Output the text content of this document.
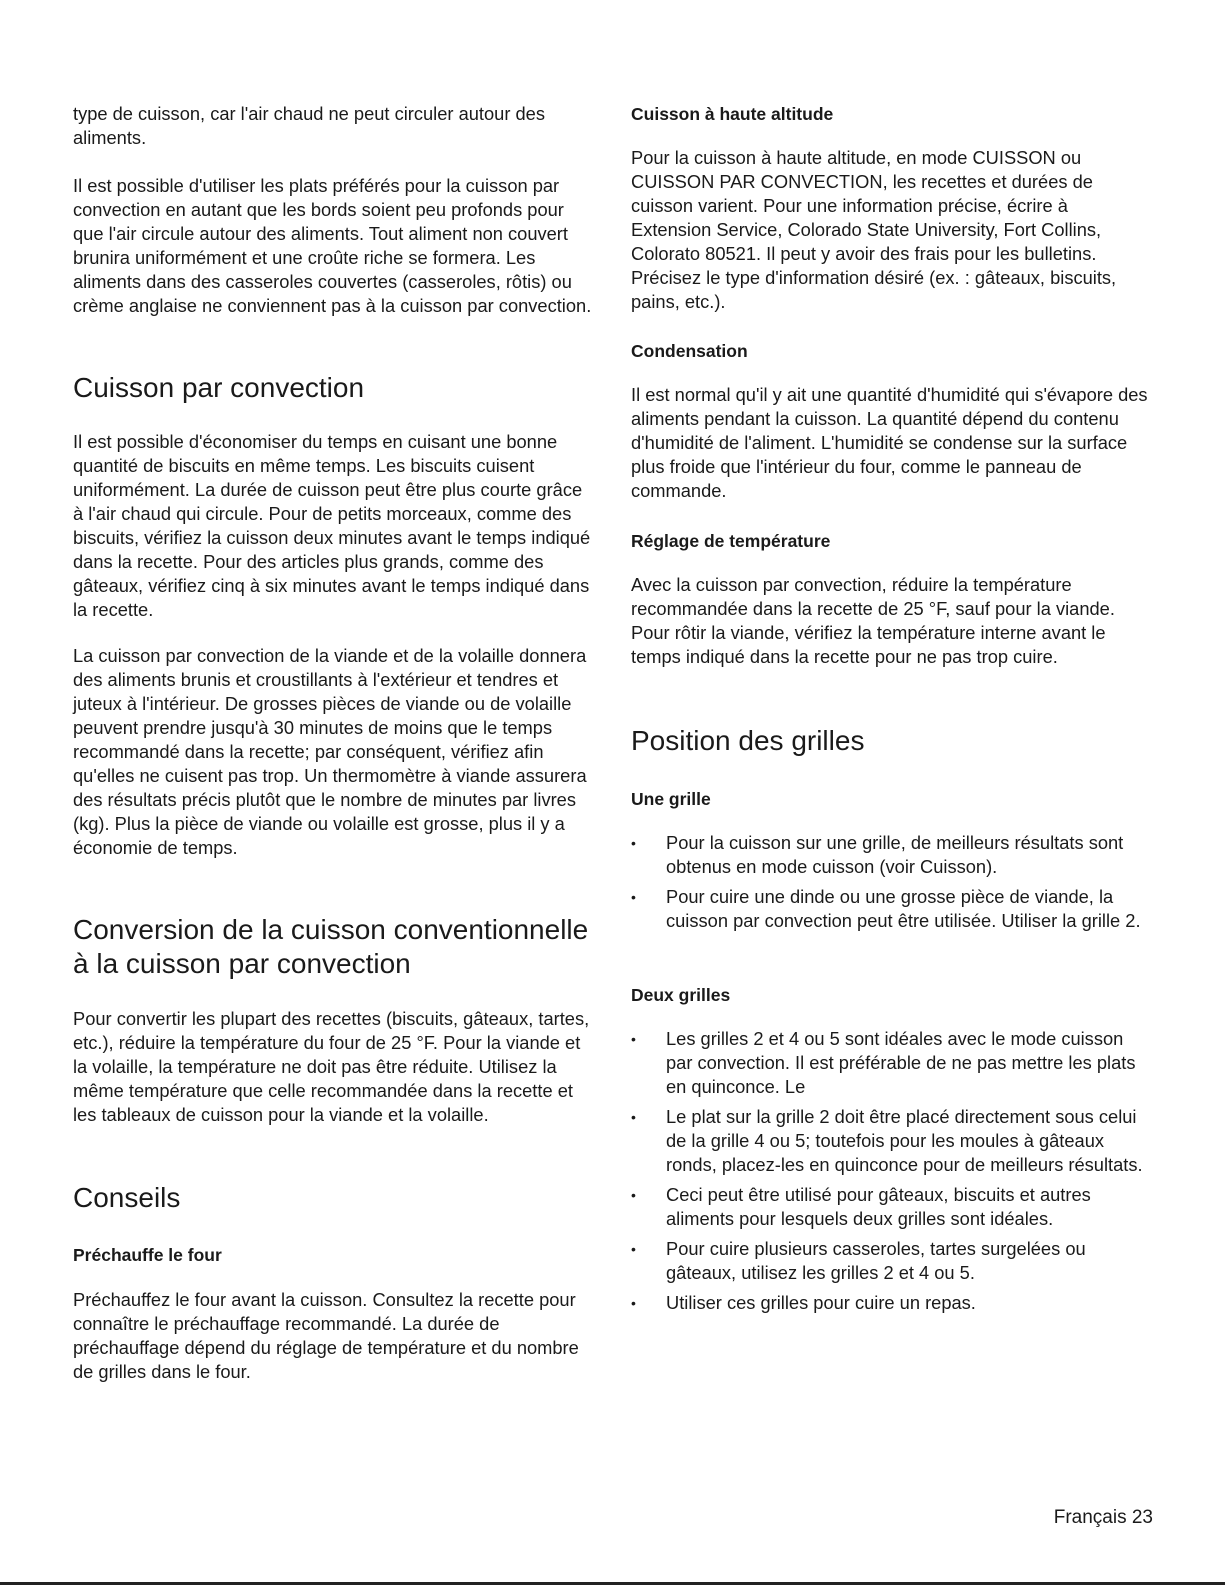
type de cuisson, car l'air chaud ne peut circuler autour des aliments.

Il est possible d'utiliser les plats préférés pour la cuisson par convection en autant que les bords soient peu profonds pour que l'air circule autour des aliments. Tout aliment non couvert brunira uniformément et une croûte riche se formera. Les aliments dans des casseroles couvertes (casseroles, rôtis) ou crème anglaise ne conviennent pas à la cuisson par convection.

Cuisson par convection

Il est possible d'économiser du temps en cuisant une bonne quantité de biscuits en même temps. Les biscuits cuisent uniformément. La durée de cuisson peut être plus courte grâce à l'air chaud qui circule. Pour de petits morceaux, comme des biscuits, vérifiez la cuisson deux minutes avant le temps indiqué dans la recette. Pour des articles plus grands, comme des gâteaux, vérifiez cinq à six minutes avant le temps indiqué dans la recette.

La cuisson par convection de la viande et de la volaille donnera des aliments brunis et croustillants à l'extérieur et tendres et juteux à l'intérieur. De grosses pièces de viande ou de volaille peuvent prendre jusqu'à 30 minutes de moins que le temps recommandé dans la recette; par conséquent, vérifiez afin qu'elles ne cuisent pas trop. Un thermomètre à viande assurera des résultats précis plutôt que le nombre de minutes par livres (kg). Plus la pièce de viande ou volaille est grosse, plus il y a économie de temps.

Conversion de la cuisson conventionnelle
à la cuisson par convection

Pour convertir les plupart des recettes (biscuits, gâteaux, tartes, etc.), réduire la température du four de 25 °F. Pour la viande et la volaille, la température ne doit pas être réduite. Utilisez la même température que celle recommandée dans la recette et les tableaux de cuisson pour la viande et la volaille.

Conseils
Préchauffe le four

Préchauffez le four avant la cuisson. Consultez la recette pour connaître le préchauffage recommandé. La durée de préchauffage dépend du réglage de température et du nombre de grilles dans le four.

Cuisson à haute altitude

Pour la cuisson à haute altitude, en mode CUISSON ou CUISSON PAR CONVECTION, les recettes et durées de cuisson varient. Pour une information précise, écrire à Extension Service, Colorado State University, Fort Collins, Colorato 80521. Il peut y avoir des frais pour les bulletins. Précisez le type d'information désiré (ex. : gâteaux, biscuits, pains, etc.).

Condensation

Il est normal qu'il y ait une quantité d'humidité qui s'évapore des aliments pendant la cuisson. La quantité dépend du contenu d'humidité de l'aliment. L'humidité se condense sur la surface plus froide que l'intérieur du four, comme le panneau de commande.

Réglage de température

Avec la cuisson par convection, réduire la température recommandée dans la recette de 25 °F, sauf pour la viande. Pour rôtir la viande, vérifiez la température interne avant le temps indiqué dans la recette pour ne pas trop cuire.

Position des grilles
Une grille
• Pour la cuisson sur une grille, de meilleurs résultats sont obtenus en mode cuisson (voir Cuisson).
• Pour cuire une dinde ou une grosse pièce de viande, la cuisson par convection peut être utilisée. Utiliser la grille 2.
Deux grilles
• Les grilles 2 et 4 ou 5 sont idéales avec le mode cuisson par convection. Il est préférable de ne pas mettre les plats en quinconce. Le
• Le plat sur la grille 2 doit être placé directement sous celui de la grille 4 ou 5; toutefois pour les moules à gâteaux ronds, placez-les en quinconce pour de meilleurs résultats.
• Ceci peut être utilisé pour gâteaux, biscuits et autres aliments pour lesquels deux grilles sont idéales.
• Pour cuire plusieurs casseroles, tartes surgelées ou gâteaux, utilisez les grilles 2 et 4 ou 5.
• Utiliser ces grilles pour cuire un repas.
Français 23
